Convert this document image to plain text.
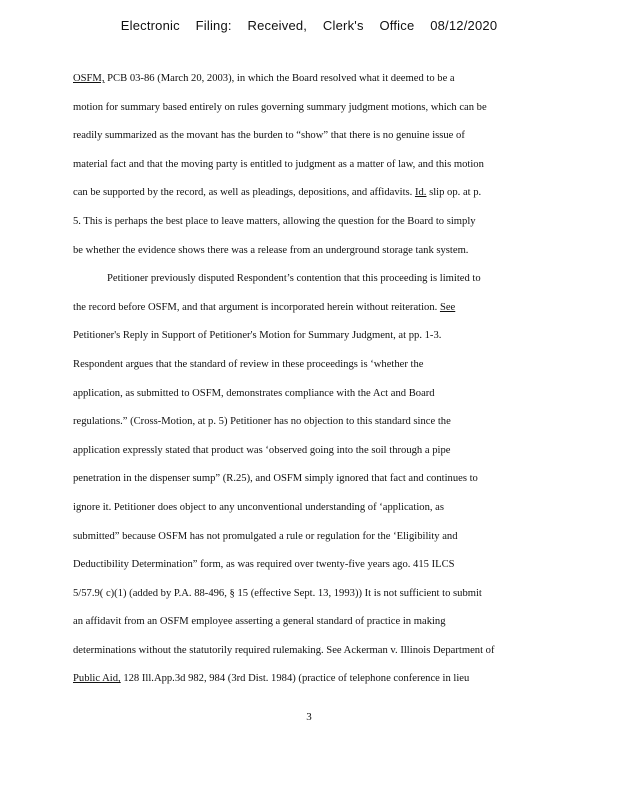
Electronic Filing: Received, Clerk's Office 08/12/2020
OSFM, PCB 03-86 (March 20, 2003), in which the Board resolved what it deemed to be a
motion for summary based entirely on rules governing summary judgment motions, which can be
readily summarized as the movant has the burden to “show” that there is no genuine issue of
material fact and that the moving party is entitled to judgment as a matter of law, and this motion
can be supported by the record, as well as pleadings, depositions, and affidavits. Id. slip op. at p.
5. This is perhaps the best place to leave matters, allowing the question for the Board to simply
be whether the evidence shows there was a release from an underground storage tank system.
Petitioner previously disputed Respondent’s contention that this proceeding is limited to
the record before OSFM, and that argument is incorporated herein without reiteration. See
Petitioner's Reply in Support of Petitioner's Motion for Summary Judgment, at pp. 1-3.
Respondent argues that the standard of review in these proceedings is ‘whether the
application, as submitted to OSFM, demonstrates compliance with the Act and Board
regulations.” (Cross-Motion, at p. 5) Petitioner has no objection to this standard since the
application expressly stated that product was ‘observed going into the soil through a pipe
penetration in the dispenser sump” (R.25), and OSFM simply ignored that fact and continues to
ignore it. Petitioner does object to any unconventional understanding of ‘application, as
submitted” because OSFM has not promulgated a rule or regulation for the ‘Eligibility and
Deductibility Determination” form, as was required over twenty-five years ago. 415 ILCS
5/57.9( c)(1) (added by P.A. 88-496, § 15 (effective Sept. 13, 1993)) It is not sufficient to submit
an affidavit from an OSFM employee asserting a general standard of practice in making
determinations without the statutorily required rulemaking. See Ackerman v. Illinois Department of
Public Aid, 128 Ill.App.3d 982, 984 (3rd Dist. 1984) (practice of telephone conference in lieu
3
